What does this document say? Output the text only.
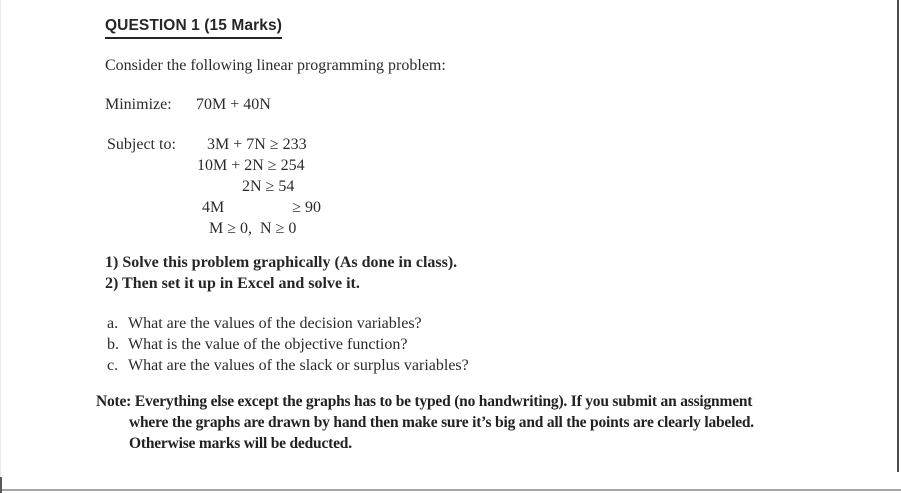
QUESTION 1 (15 Marks)
Consider the following linear programming problem:
Minimize: 70M + 40N
Subject to:	3M + 7N ≥ 233
10M + 2N ≥ 254
2N ≥ 54
4M                 ≥ 90
M ≥ 0,  N ≥ 0
1) Solve this problem graphically (As done in class).
2) Then set it up in Excel and solve it.
a. What are the values of the decision variables?
b. What is the value of the objective function?
c. What are the values of the slack or surplus variables?
Note: Everything else except the graphs has to be typed (no handwriting). If you submit an assignment where the graphs are drawn by hand then make sure it’s big and all the points are clearly labeled. Otherwise marks will be deducted.
